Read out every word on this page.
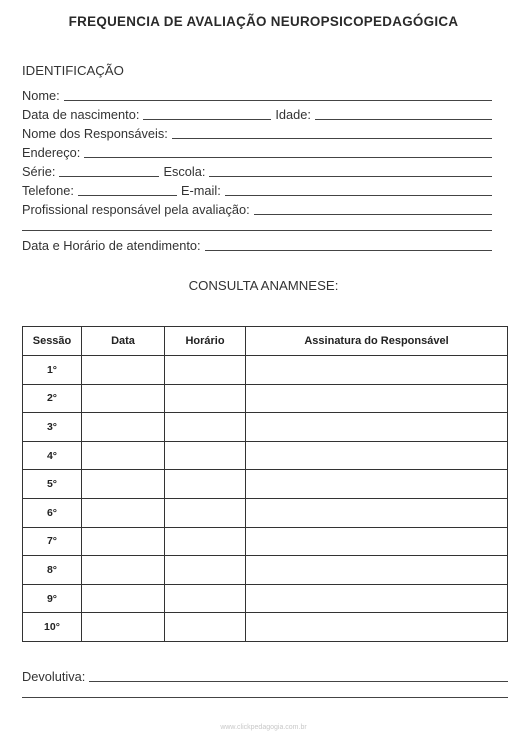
FREQUENCIA DE AVALIAÇÃO NEUROPSICOPEDAGÓGICA
IDENTIFICAÇÃO
Nome:
Data de nascimento:	Idade:
Nome dos Responsáveis:
Endereço:
Série:	Escola:
Telefone:	E-mail:
Profissional responsável pela avaliação:
Data e Horário de atendimento:
CONSULTA ANAMNESE:
Sessão	Data	Horário	Assinatura do Responsável
1°			
2°			
3°			
4°			
5°			
6°			
7°			
8°			
9°			
10°			
Devolutiva:
www.clickpedagogia.com.br
